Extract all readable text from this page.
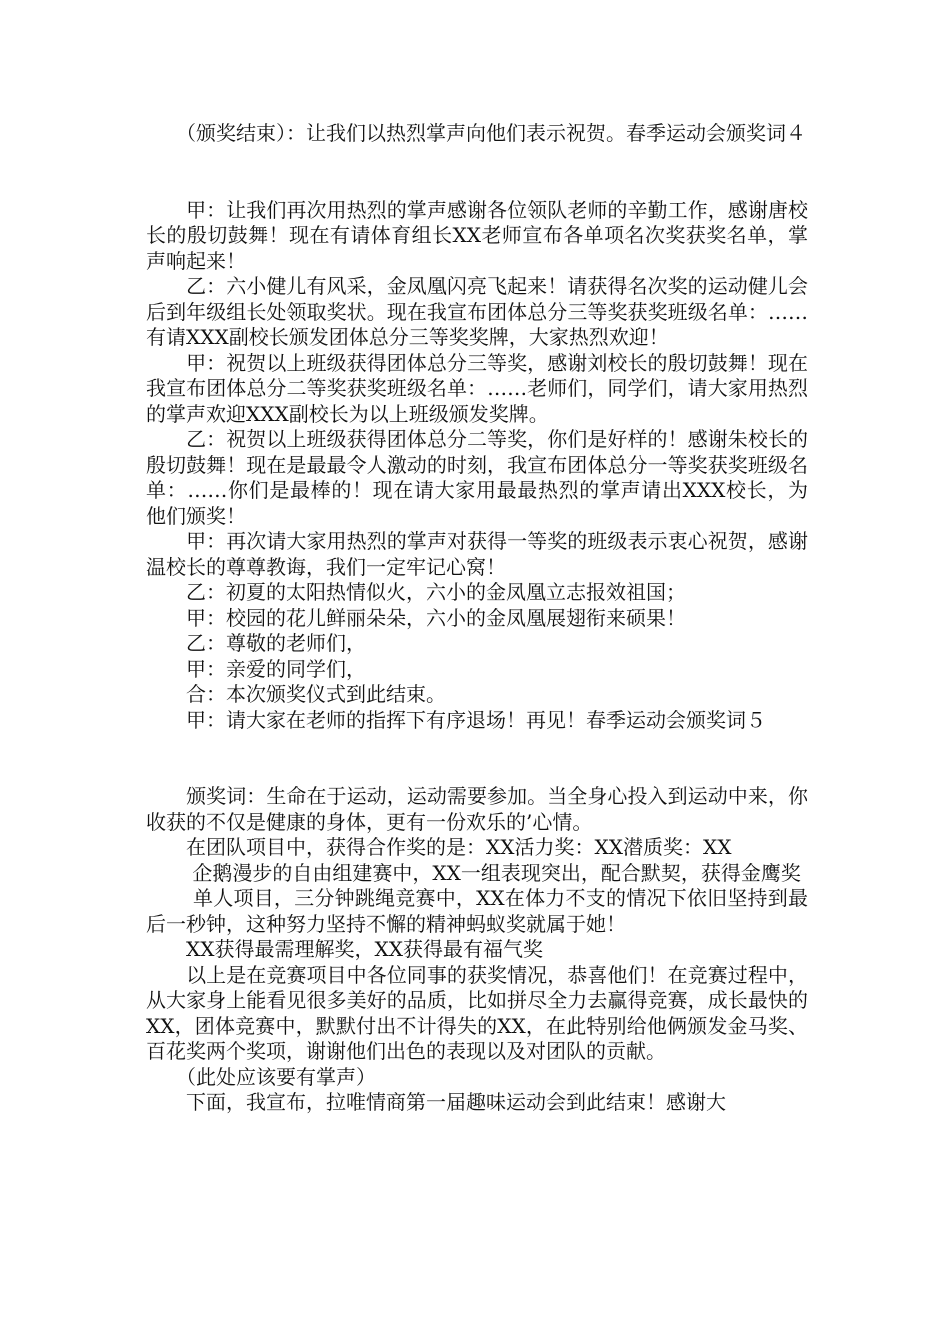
　　（颁奖结束）：让我们以热烈掌声向他们表示祝贺。春季运动会颁奖词４

　　甲：让我们再次用热烈的掌声感谢各位领队老师的辛勤工作，感谢唐校长的殷切鼓舞！现在有请体育组长XX老师宣布各单项名次奖获奖名单，掌声响起来！

　　乙：六小健儿有风采，金凤凰闪亮飞起来！请获得名次奖的运动健儿会后到年级组长处领取奖状。现在我宣布团体总分三等奖获奖班级名单：……有请XXX副校长颁发团体总分三等奖奖牌，大家热烈欢迎！

　　甲：祝贺以上班级获得团体总分三等奖，感谢刘校长的殷切鼓舞！现在我宣布团体总分二等奖获奖班级名单：……老师们，同学们，请大家用热烈的掌声欢迎XXX副校长为以上班级颁发奖牌。

　　乙：祝贺以上班级获得团体总分二等奖，你们是好样的！感谢朱校长的殷切鼓舞！现在是最最令人激动的时刻，我宣布团体总分一等奖获奖班级名单：……你们是最棒的！现在请大家用最最热烈的掌声请出XXX校长，为他们颁奖！

　　甲：再次请大家用热烈的掌声对获得一等奖的班级表示衷心祝贺，感谢温校长的尊尊教诲，我们一定牢记心窝！

　　乙：初夏的太阳热情似火，六小的金凤凰立志报效祖国；

　　甲：校园的花儿鲜丽朵朵，六小的金凤凰展翅衔来硕果！

　　乙：尊敬的老师们，

　　甲：亲爱的同学们，

　　合：本次颁奖仪式到此结束。

　　甲：请大家在老师的指挥下有序退场！再见！春季运动会颁奖词５

　　颁奖词：生命在于运动，运动需要参加。当全身心投入到运动中来，你收获的不仅是健康的身体，更有一份欢乐的’心情。

　　在团队项目中，获得合作奖的是：XX活力奖：XX潜质奖：XX

　　 企鹅漫步的自由组建赛中，XX一组表现突出，配合默契，获得金鹰奖

　　 单人项目，三分钟跳绳竞赛中，XX在体力不支的情况下依旧坚持到最后一秒钟，这种努力坚持不懈的精神蚂蚁奖就属于她！

　　XX获得最需理解奖，XX获得最有福气奖

　　以上是在竞赛项目中各位同事的获奖情况，恭喜他们！在竞赛过程中，从大家身上能看见很多美好的品质，比如拼尽全力去赢得竞赛，成长最快的XX，团体竞赛中，默默付出不计得失的XX，在此特别给他俩颁发金马奖、百花奖两个奖项，谢谢他们出色的表现以及对团队的贡献。

　　（此处应该要有掌声）

　　下面，我宣布，拉唯情商第一届趣味运动会到此结束！感谢大
